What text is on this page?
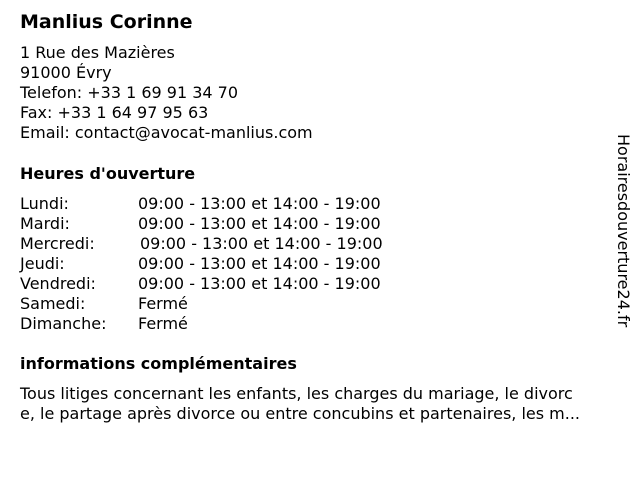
Manlius Corinne
1 Rue des Mazières
91000 Évry
Telefon: +33 1 69 91 34 70
Fax: +33 1 64 97 95 63
Email: contact@avocat-manlius.com
Heures d'ouverture
Lundi:	09:00 - 13:00 et 14:00 - 19:00
Mardi:	09:00 - 13:00 et 14:00 - 19:00
Mercredi:	09:00 - 13:00 et 14:00 - 19:00
Jeudi:	09:00 - 13:00 et 14:00 - 19:00
Vendredi:	09:00 - 13:00 et 14:00 - 19:00
Samedi:	Fermé
Dimanche: Fermé
informations complémentaires
Tous litiges concernant les enfants, les charges du mariage, le divorc
e, le partage après divorce ou entre concubins et partenaires, les m...
Horairesdouverture24.fr
